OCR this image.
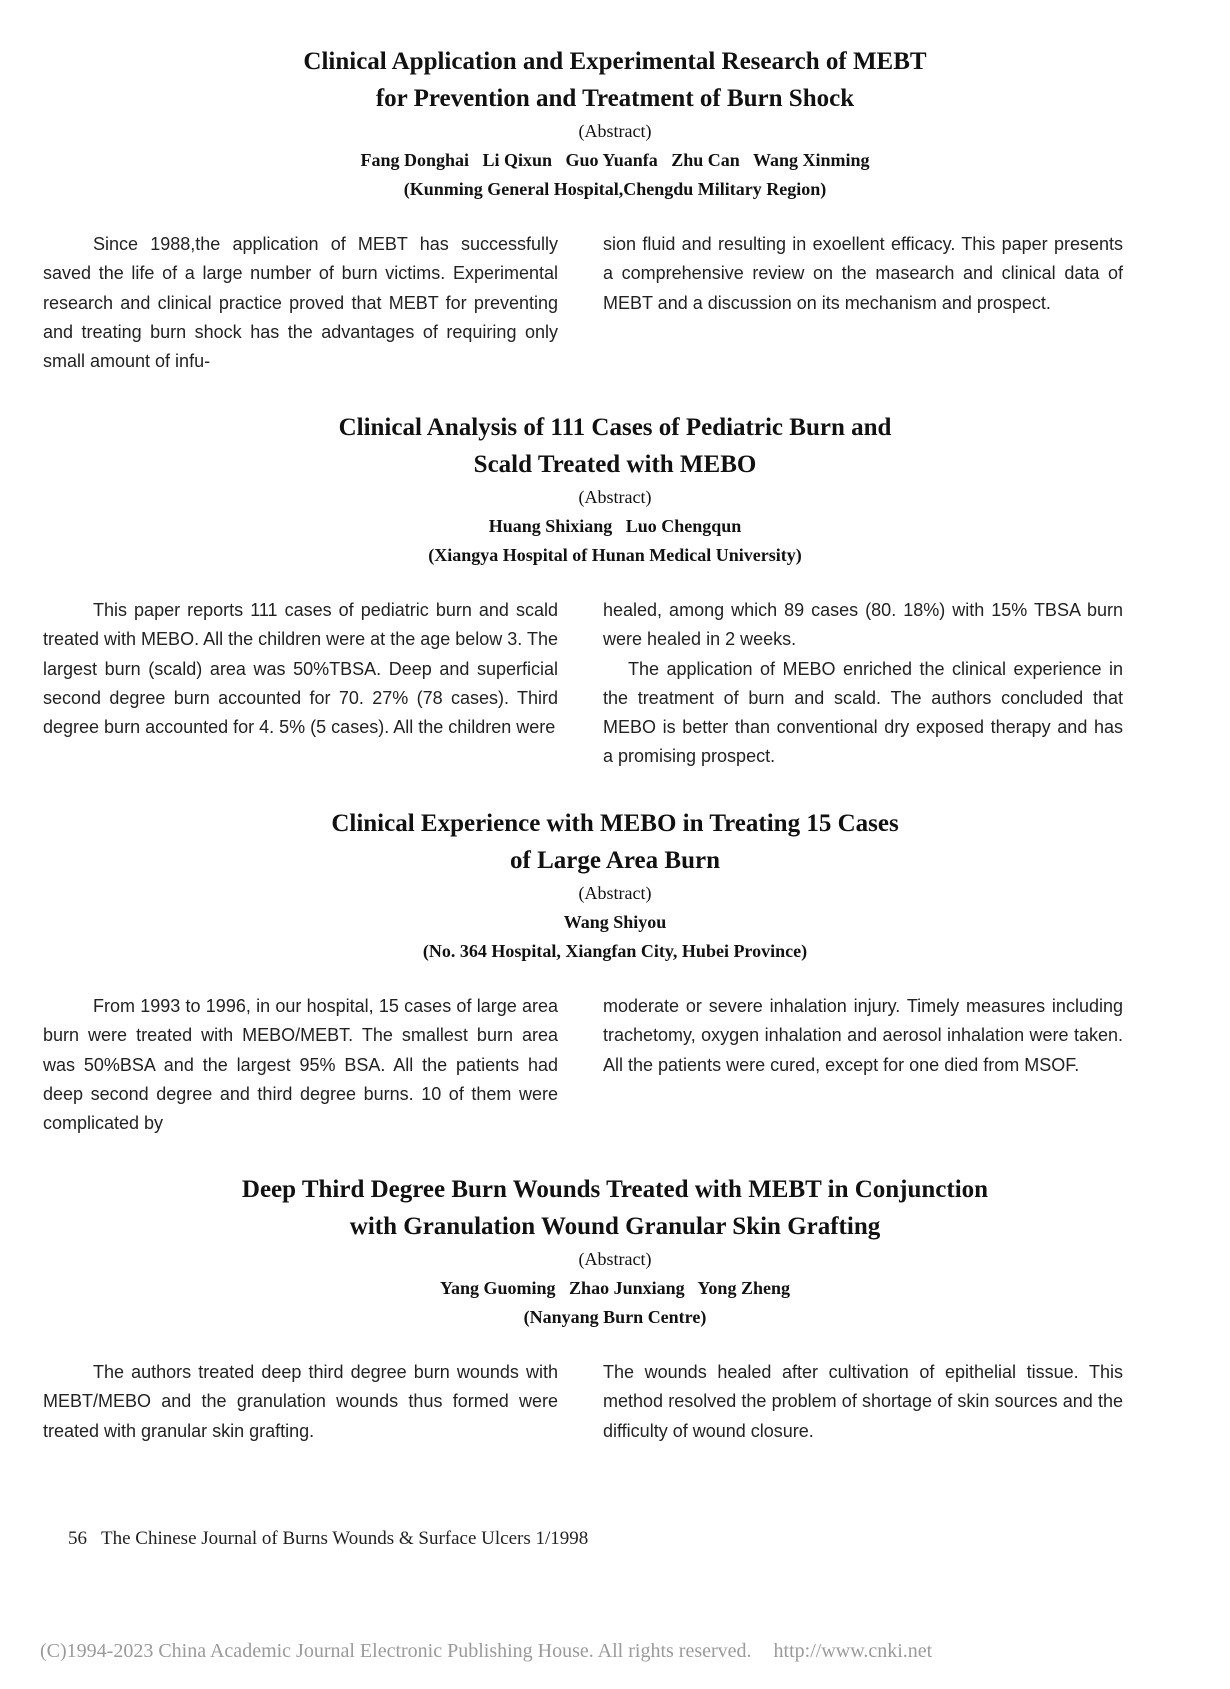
Clinical Application and Experimental Research of MEBT
for Prevention and Treatment of Burn Shock
(Abstract)
Fang Donghai   Li Qixun   Guo Yuanfa   Zhu Can   Wang Xinming
(Kunming General Hospital,Chengdu Military Region)

Since 1988,the application of MEBT has successfully saved the life of a large number of burn victims. Experimental research and clinical practice proved that MEBT for preventing and treating burn shock has the advantages of requiring only small amount of infu-

sion fluid and resulting in exoellent efficacy. This paper presents a comprehensive review on the masearch and clinical data of MEBT and a discussion on its mechanism and prospect.

Clinical Analysis of 111 Cases of Pediatric Burn and
Scald Treated with MEBO
(Abstract)
Huang Shixiang   Luo Chengqun
(Xiangya Hospital of Hunan Medical University)

This paper reports 111 cases of pediatric burn and scald treated with MEBO. All the children were at the age below 3. The largest burn (scald) area was 50%TBSA. Deep and superficial second degree burn accounted for 70. 27% (78 cases). Third degree burn accounted for 4. 5% (5 cases). All the children were

healed, among which 89 cases (80. 18%) with 15% TBSA burn were healed in 2 weeks.

The application of MEBO enriched the clinical experience in the treatment of burn and scald. The authors concluded that MEBO is better than conventional dry exposed therapy and has a promising prospect.

Clinical Experience with MEBO in Treating 15 Cases
of Large Area Burn
(Abstract)
Wang Shiyou
(No. 364 Hospital, Xiangfan City, Hubei Province)

From 1993 to 1996, in our hospital, 15 cases of large area burn were treated with MEBO/MEBT. The smallest burn area was 50%BSA and the largest 95% BSA. All the patients had deep second degree and third degree burns. 10 of them were complicated by

moderate or severe inhalation injury. Timely measures including trachetomy, oxygen inhalation and aerosol inhalation were taken. All the patients were cured, except for one died from MSOF.

Deep Third Degree Burn Wounds Treated with MEBT in Conjunction
with Granulation Wound Granular Skin Grafting
(Abstract)
Yang Guoming   Zhao Junxiang   Yong Zheng
(Nanyang Burn Centre)

The authors treated deep third degree burn wounds with MEBT/MEBO and the granulation wounds thus formed were treated with granular skin grafting.

The wounds healed after cultivation of epithelial tissue. This method resolved the problem of shortage of skin sources and the difficulty of wound closure.

56 The Chinese Journal of Burns Wounds & Surface Ulcers 1/1998
(C)1994-2023 China Academic Journal Electronic Publishing House. All rights reserved. http://www.cnki.net
